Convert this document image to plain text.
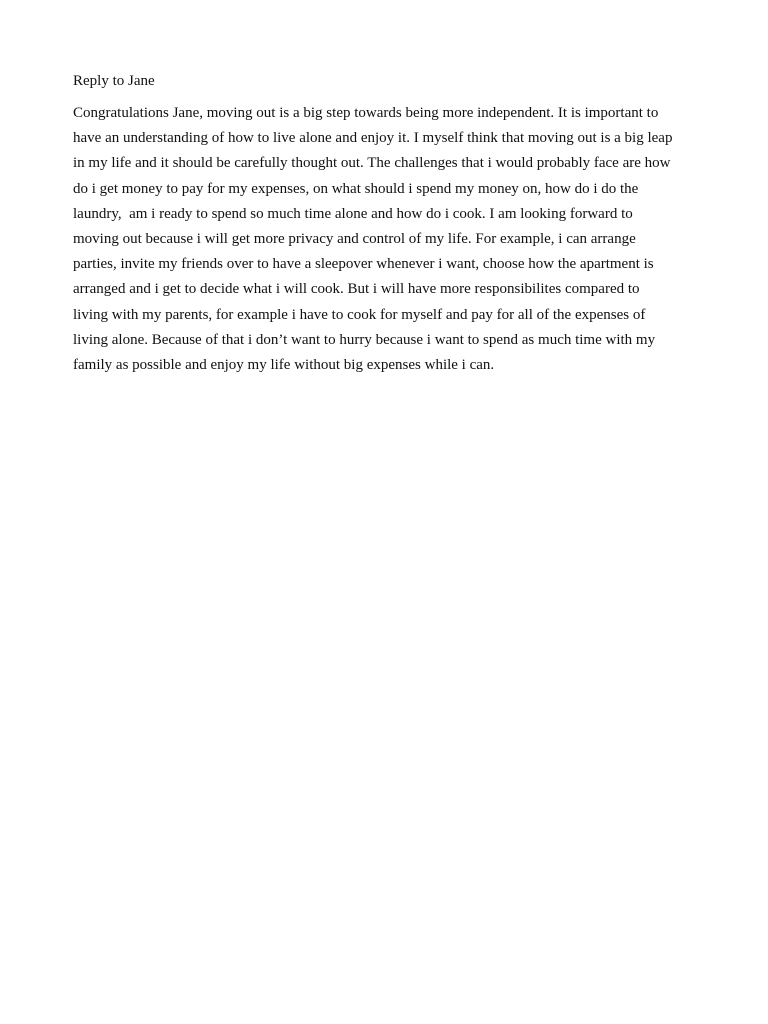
Reply to Jane
Congratulations Jane, moving out is a big step towards being more independent. It is important to
have an understanding of how to live alone and enjoy it. I myself think that moving out is a big leap
in my life and it should be carefully thought out. The challenges that i would probably face are how
do i get money to pay for my expenses, on what should i spend my money on, how do i do the
laundry,  am i ready to spend so much time alone and how do i cook. I am looking forward to
moving out because i will get more privacy and control of my life. For example, i can arrange
parties, invite my friends over to have a sleepover whenever i want, choose how the apartment is
arranged and i get to decide what i will cook. But i will have more responsibilites compared to
living with my parents, for example i have to cook for myself and pay for all of the expenses of
living alone. Because of that i don’t want to hurry because i want to spend as much time with my
family as possible and enjoy my life without big expenses while i can.
